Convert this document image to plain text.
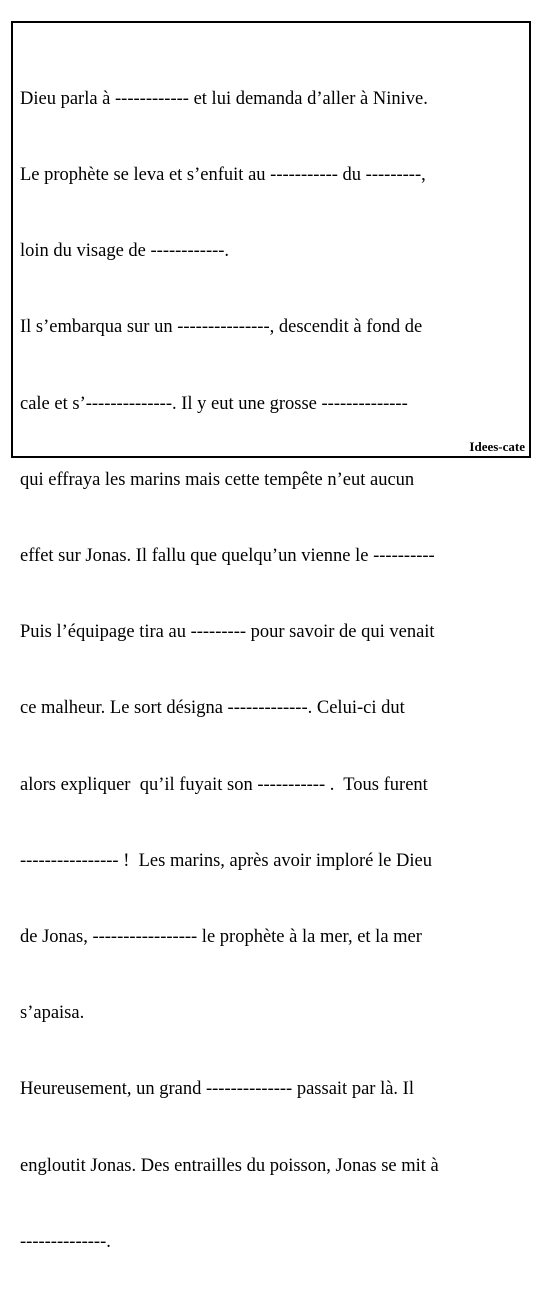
Dieu parla à ------------ et lui demanda d’aller à Ninive.

Le prophète se leva et s’enfuit au ----------- du ---------,

loin du visage de ------------.

Il s’embarqua sur un ---------------, descendit à fond de

cale et s’--------------. Il y eut une grosse --------------

qui effraya les marins mais cette tempête n’eut aucun

effet sur Jonas. Il fallu que quelqu’un vienne le ----------

Puis l’équipage tira au --------- pour savoir de qui venait

ce malheur. Le sort désigna -------------. Celui-ci dut

alors expliquer  qu’il fuyait son ----------- .  Tous furent

---------------- !  Les marins, après avoir imploré le Dieu

de Jonas, ----------------- le prophète à la mer, et la mer

s’apaisa.

Heureusement, un grand -------------- passait par là. Il

engloutit Jonas. Des entrailles du poisson, Jonas se mit à

--------------.

Idees-cate
